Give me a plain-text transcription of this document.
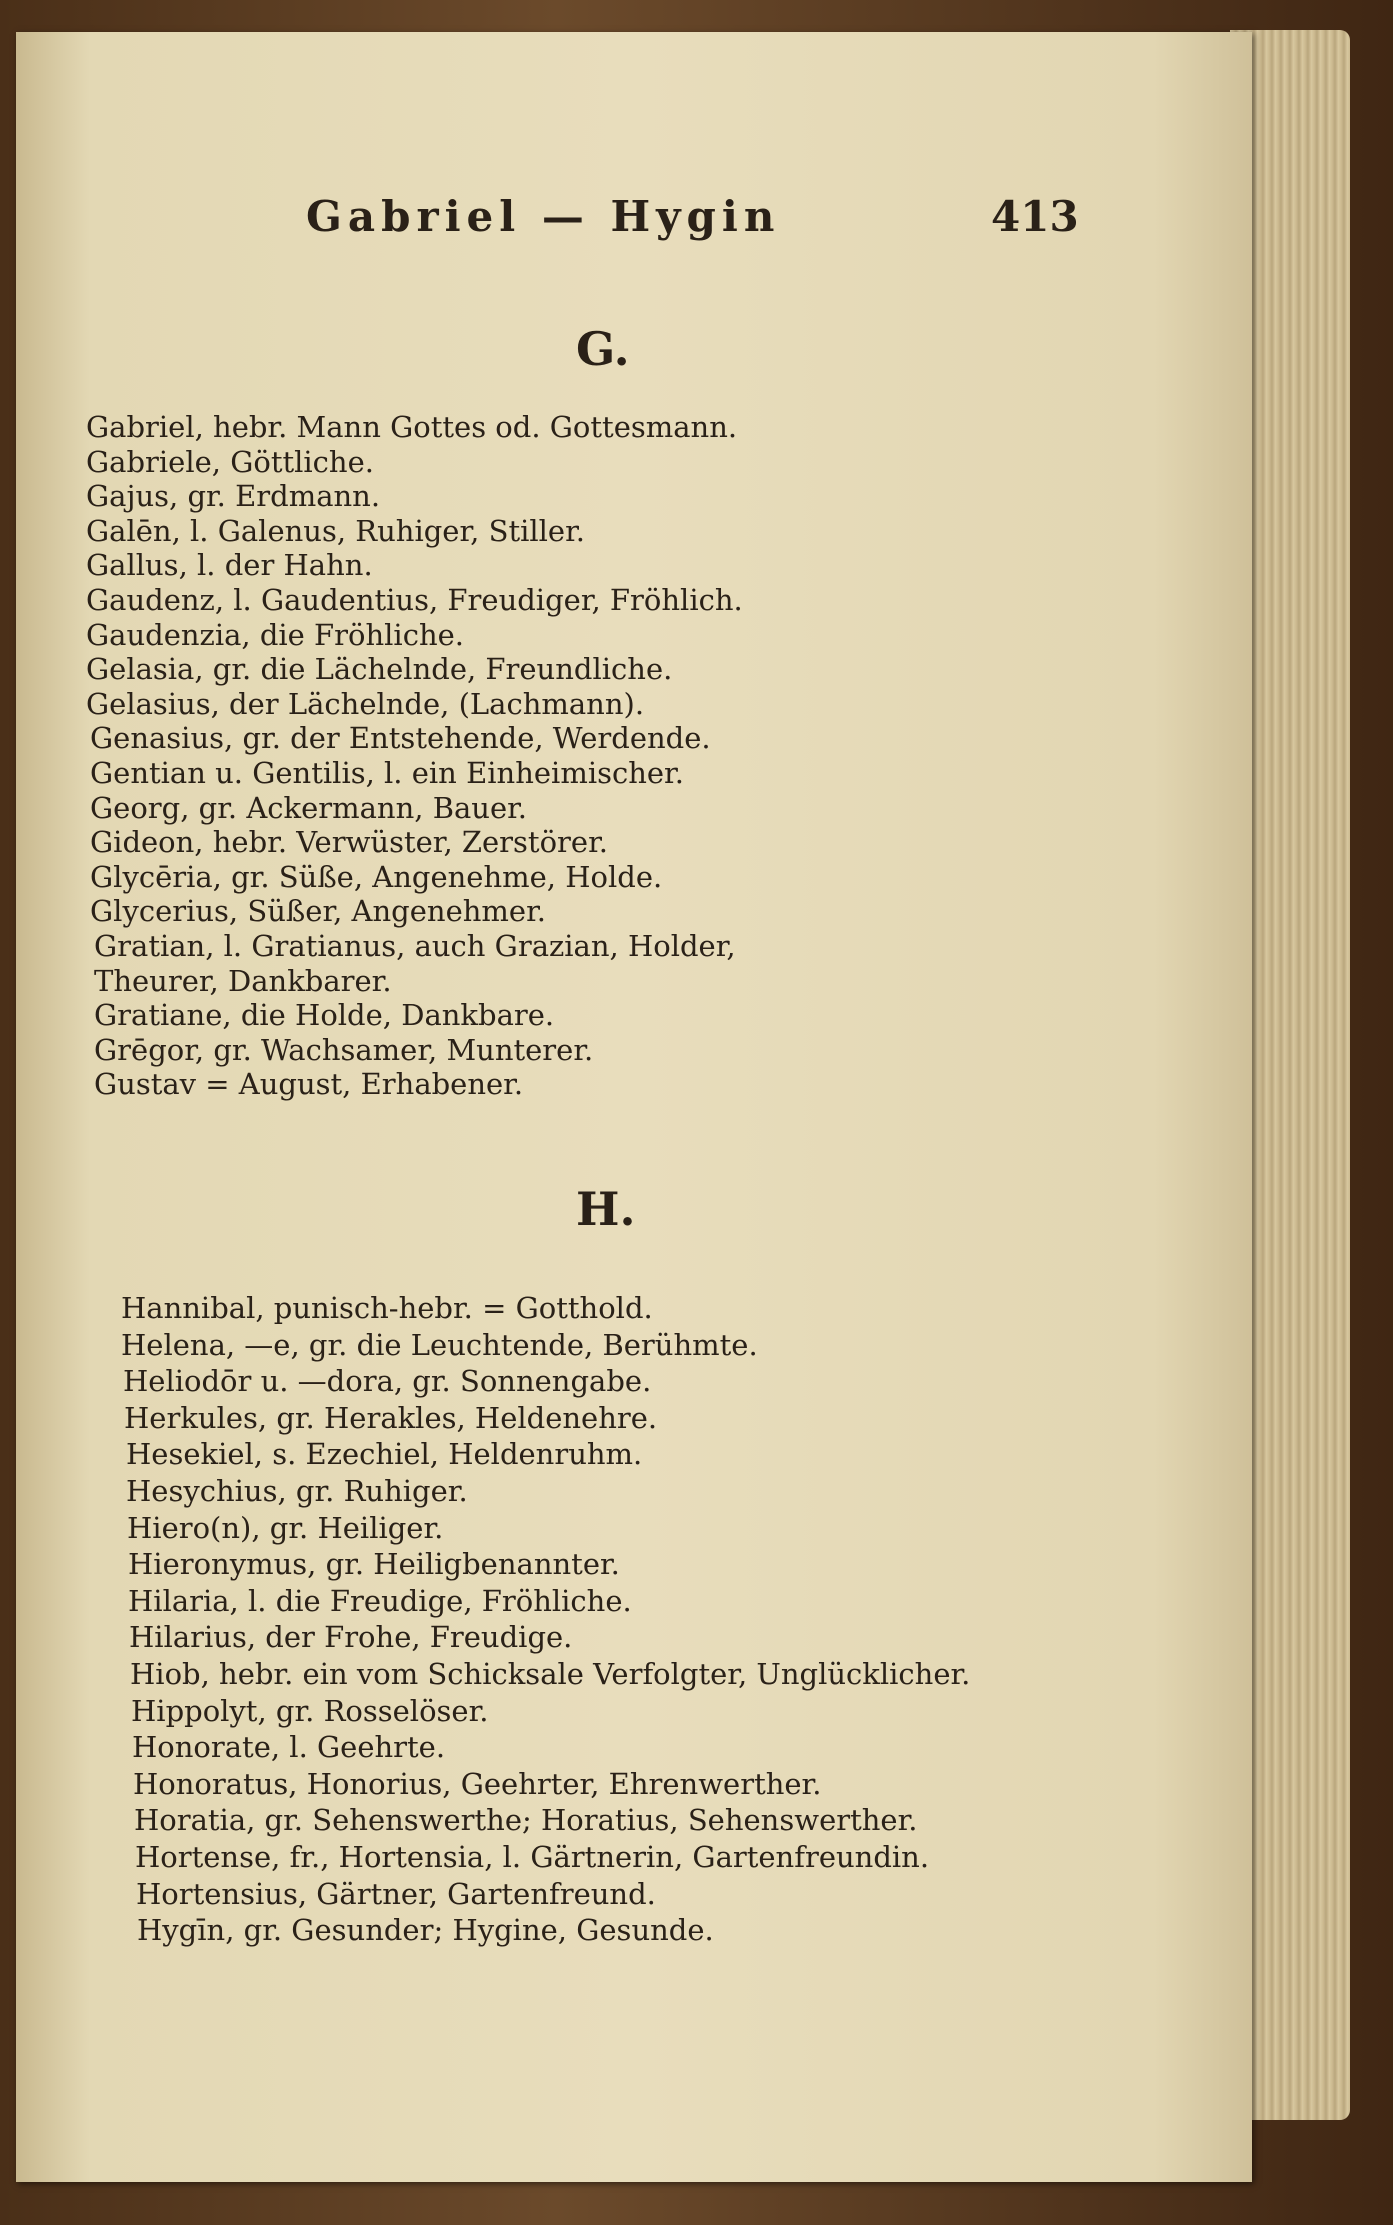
Gabriel — Hygin	413
G.
Gabriel, hebr. Mann Gottes od. Gottesmann.
Gabriele, Göttliche.
Gajus, gr. Erdmann.
Galēn, l. Galenus, Ruhiger, Stiller.
Gallus, l. der Hahn.
Gaudenz, l. Gaudentius, Freudiger, Fröhlich.
Gaudenzia, die Fröhliche.
Gelasia, gr. die Lächelnde, Freundliche.
Gelasius, der Lächelnde, (Lachmann).
Genasius, gr. der Entstehende, Werdende.
Gentian u. Gentilis, l. ein Einheimischer.
Georg, gr. Ackermann, Bauer.
Gideon, hebr. Verwüster, Zerstörer.
Glycēria, gr. Süße, Angenehme, Holde.
Glycerius, Süßer, Angenehmer.
Gratian, l. Gratianus, auch Grazian, Holder,
Theurer, Dankbarer.
Gratiane, die Holde, Dankbare.
Grēgor, gr. Wachsamer, Munterer.
Gustav = August, Erhabener.
H.
Hannibal, punisch-hebr. = Gotthold.
Helena, —e, gr. die Leuchtende, Berühmte.
Heliodōr u. —dora, gr. Sonnengabe.
Herkules, gr. Herakles, Heldenehre.
Hesekiel, s. Ezechiel, Heldenruhm.
Hesychius, gr. Ruhiger.
Hiero(n), gr. Heiliger.
Hieronymus, gr. Heiligbenannter.
Hilaria, l. die Freudige, Fröhliche.
Hilarius, der Frohe, Freudige.
Hiob, hebr. ein vom Schicksale Verfolgter, Unglücklicher.
Hippolyt, gr. Rosselöser.
Honorate, l. Geehrte.
Honoratus, Honorius, Geehrter, Ehrenwerther.
Horatia, gr. Sehenswerthe; Horatius, Sehenswerther.
Hortense, fr., Hortensia, l. Gärtnerin, Gartenfreundin.
Hortensius, Gärtner, Gartenfreund.
Hygīn, gr. Gesunder; Hygine, Gesunde.
